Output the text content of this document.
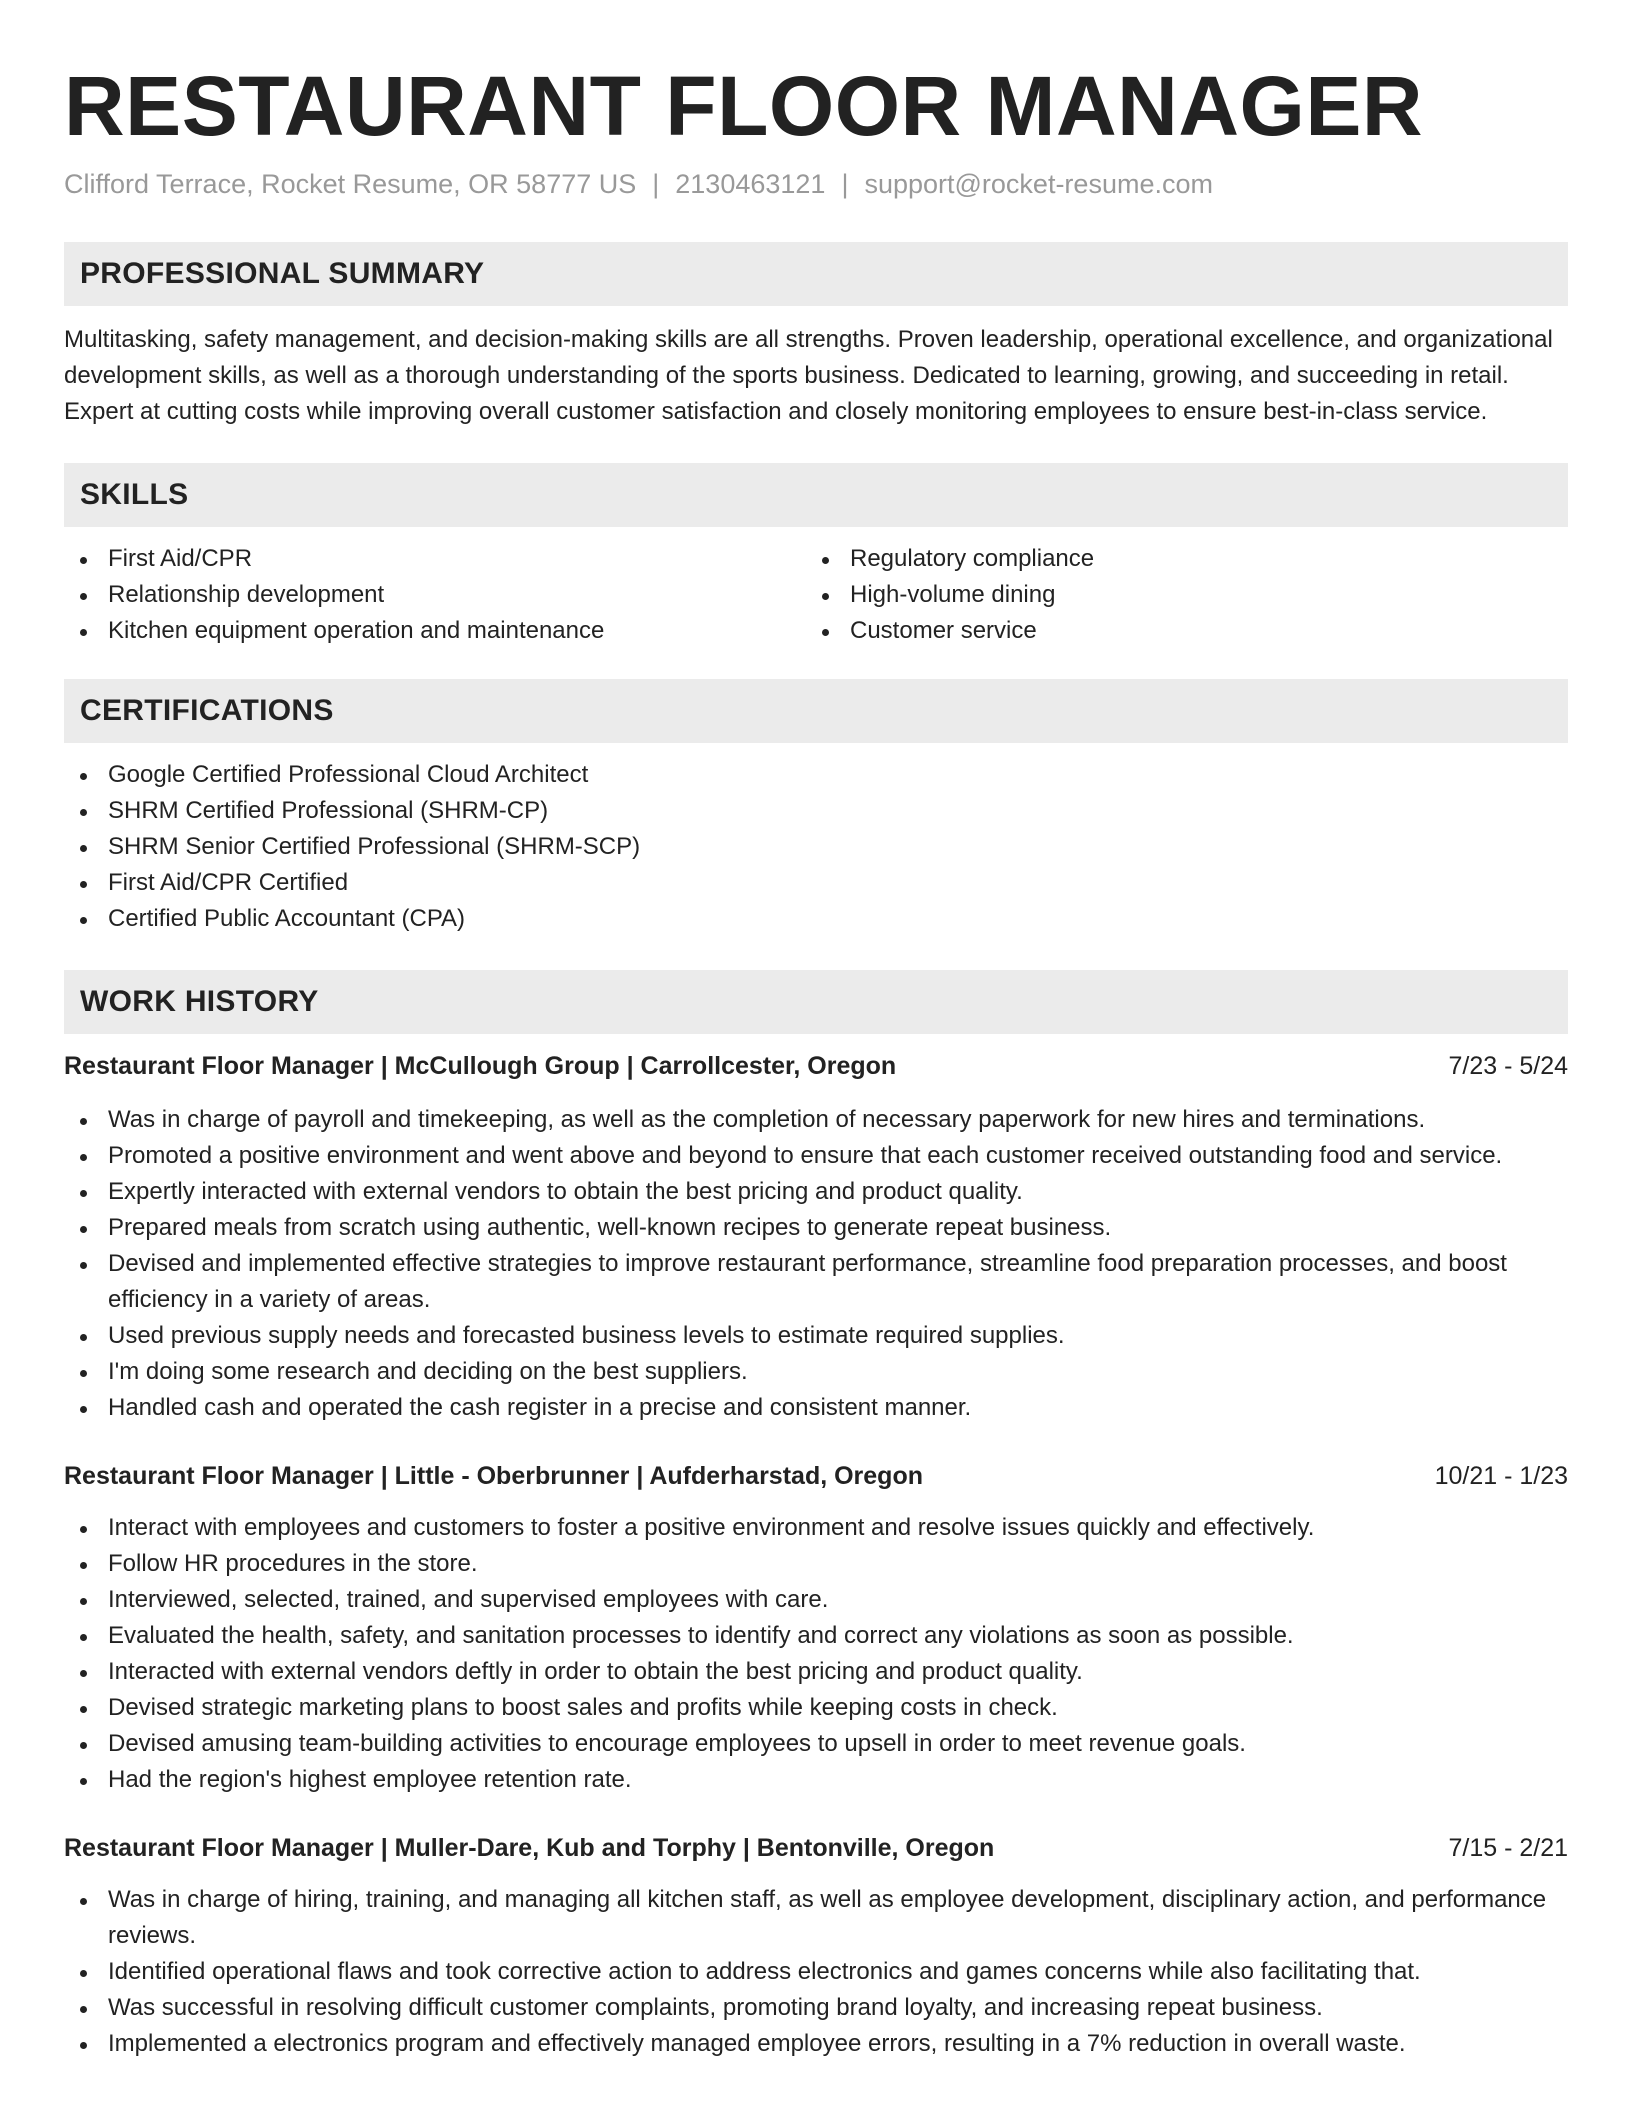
RESTAURANT FLOOR MANAGER
Clifford Terrace, Rocket Resume, OR 58777 US | 2130463121 | support@rocket-resume.com
PROFESSIONAL SUMMARY

Multitasking, safety management, and decision-making skills are all strengths. Proven leadership, operational excellence, and organizational development skills, as well as a thorough understanding of the sports business. Dedicated to learning, growing, and succeeding in retail. Expert at cutting costs while improving overall customer satisfaction and closely monitoring employees to ensure best-in-class service.

SKILLS
First Aid/CPR
Relationship development
Kitchen equipment operation and maintenance
Regulatory compliance
High-volume dining
Customer service
CERTIFICATIONS
Google Certified Professional Cloud Architect
SHRM Certified Professional (SHRM-CP)
SHRM Senior Certified Professional (SHRM-SCP)
First Aid/CPR Certified
Certified Public Accountant (CPA)
WORK HISTORY
Restaurant Floor Manager | McCullough Group | Carrollcester, Oregon	7/23 - 5/24
Was in charge of payroll and timekeeping, as well as the completion of necessary paperwork for new hires and terminations.
Promoted a positive environment and went above and beyond to ensure that each customer received outstanding food and service.
Expertly interacted with external vendors to obtain the best pricing and product quality.
Prepared meals from scratch using authentic, well-known recipes to generate repeat business.
Devised and implemented effective strategies to improve restaurant performance, streamline food preparation processes, and boost efficiency in a variety of areas.
Used previous supply needs and forecasted business levels to estimate required supplies.
I'm doing some research and deciding on the best suppliers.
Handled cash and operated the cash register in a precise and consistent manner.
Restaurant Floor Manager | Little - Oberbrunner | Aufderharstad, Oregon	10/21 - 1/23
Interact with employees and customers to foster a positive environment and resolve issues quickly and effectively.
Follow HR procedures in the store.
Interviewed, selected, trained, and supervised employees with care.
Evaluated the health, safety, and sanitation processes to identify and correct any violations as soon as possible.
Interacted with external vendors deftly in order to obtain the best pricing and product quality.
Devised strategic marketing plans to boost sales and profits while keeping costs in check.
Devised amusing team-building activities to encourage employees to upsell in order to meet revenue goals.
Had the region's highest employee retention rate.
Restaurant Floor Manager | Muller-Dare, Kub and Torphy | Bentonville, Oregon	7/15 - 2/21
Was in charge of hiring, training, and managing all kitchen staff, as well as employee development, disciplinary action, and performance reviews.
Identified operational flaws and took corrective action to address electronics and games concerns while also facilitating that.
Was successful in resolving difficult customer complaints, promoting brand loyalty, and increasing repeat business.
Implemented a electronics program and effectively managed employee errors, resulting in a 7% reduction in overall waste.
